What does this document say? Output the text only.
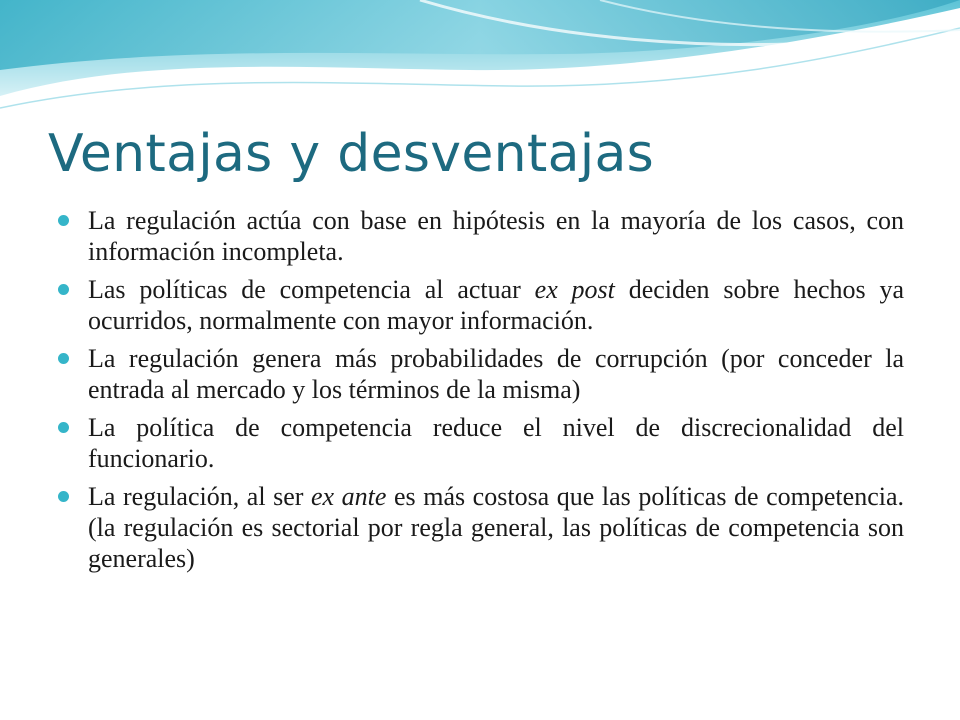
Ventajas y desventajas
La regulación actúa con base en hipótesis en la mayoría de los casos, con información incompleta.
Las políticas de competencia al actuar ex post deciden sobre hechos ya ocurridos, normalmente con mayor información.
La regulación genera más probabilidades de corrupción (por conceder la entrada al mercado y los términos de la misma)
La política de competencia reduce el nivel de discrecionalidad del funcionario.
La regulación, al ser ex ante es más costosa que las políticas de competencia. (la regulación es sectorial por regla general, las políticas de competencia son generales)
